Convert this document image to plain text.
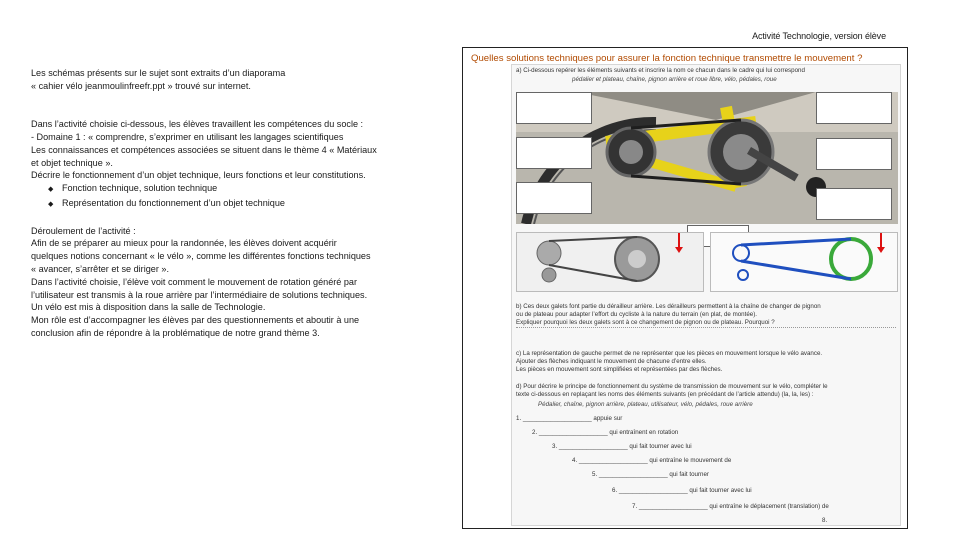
Activité Technologie, version élève

Les schémas présents sur le sujet sont extraits d’un diaporama

« cahier vélo jeanmoulinfreefr.ppt » trouvé sur internet.

Dans l’activité choisie ci-dessous, les élèves travaillent les compétences du socle :

- Domaine 1 : « comprendre, s’exprimer en utilisant les langages scientifiques

Les connaissances et compétences associées se situent dans le thème 4 « Matériaux

et objet technique ».

Décrire le fonctionnement d’un objet technique, leurs fonctions et leur constitutions.

◆ Fonction technique, solution technique
◆ Représentation du fonctionnement d’un objet technique

Déroulement de l’activité :

Afin de se préparer au mieux pour la randonnée, les élèves doivent acquérir

quelques notions concernant « le vélo », comme les différentes fonctions techniques

« avancer, s’arrêter et se diriger ».

Dans l’activité choisie, l’élève voit comment le mouvement de rotation généré par

l’utilisateur est transmis à la roue arrière par l’intermédiaire de solutions techniques.

Un vélo est mis à disposition dans la salle de Technologie.

Mon rôle est d’accompagner les élèves par des questionnements et aboutir à une

conclusion afin de répondre à la problématique de notre grand thème 3.

Quelles solutions techniques pour assurer la fonction technique transmettre le mouvement ?
a) Ci-dessous repérer les éléments suivants et inscrire la nom ce chacun dans le cadre qui lui correspond
pédalier et plateau, chaîne, pignon arrière et roue libre, vélo, pédales, roue
b) Ces deux galets font partie du dérailleur arrière. Les dérailleurs permettent à la chaîne de changer de pignon
ou de plateau pour adapter l’effort du cycliste à la nature du terrain (en plat, de montée).
Expliquer pourquoi les deux galets sont à ce changement de pignon ou de plateau. Pourquoi ?
c) La représentation de gauche permet de ne représenter que les pièces en mouvement lorsque le vélo avance.
Ajouter des flèches indiquant le mouvement de chacune d’entre elles.
Les pièces en mouvement sont simplifiées et représentées par des flèches.
d) Pour décrire le principe de fonctionnement du système de transmission de mouvement sur le vélo, compléter le
texte ci-dessous en replaçant les noms des éléments suivants (en précédant de l’article attendu) (la, la, les) :
Pédalier, chaîne, pignon arrière, plateau, utilisateur, vélo, pédales, roue arrière
1. ____________________ appuie sur
2. ____________________ qui entraînent en rotation
3. ____________________ qui fait tourner avec lui
4. ____________________ qui entraîne le mouvement de
5. ____________________ qui fait tourner
6. ____________________ qui fait tourner avec lui
7. ____________________ qui entraîne le déplacement (translation) de
8.
